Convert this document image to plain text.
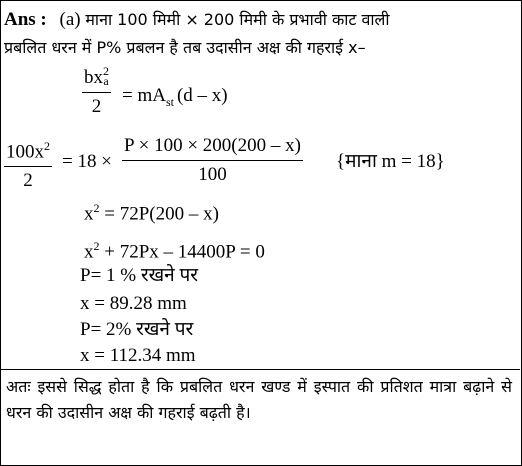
Ans : (a) माना 100 मिमी × 200 मिमी के प्रभावी काट वाली
प्रबलित धरन में P% प्रबलन है तब उदासीन अक्ष की गहराई x–
bx 2
a
2
= $mA_{st}$ (d – x)
$100x^2$
2
= 18 ×
P × 100 × 200(200 – x)
100
{माना m = 18}
$x^2 = 72P(200 - x)$
$x^2 + 72Px - 14400P = 0$
P= 1 % रखने पर
x = 89.28 mm
P= 2% रखने पर
x = 112.34 mm
अतः इससे सिद्ध होता है कि प्रबलित धरन खण्ड में इस्पात की प्रतिशत मात्रा बढ़ाने से धरन की उदासीन अक्ष की गहराई बढ़ती है।
